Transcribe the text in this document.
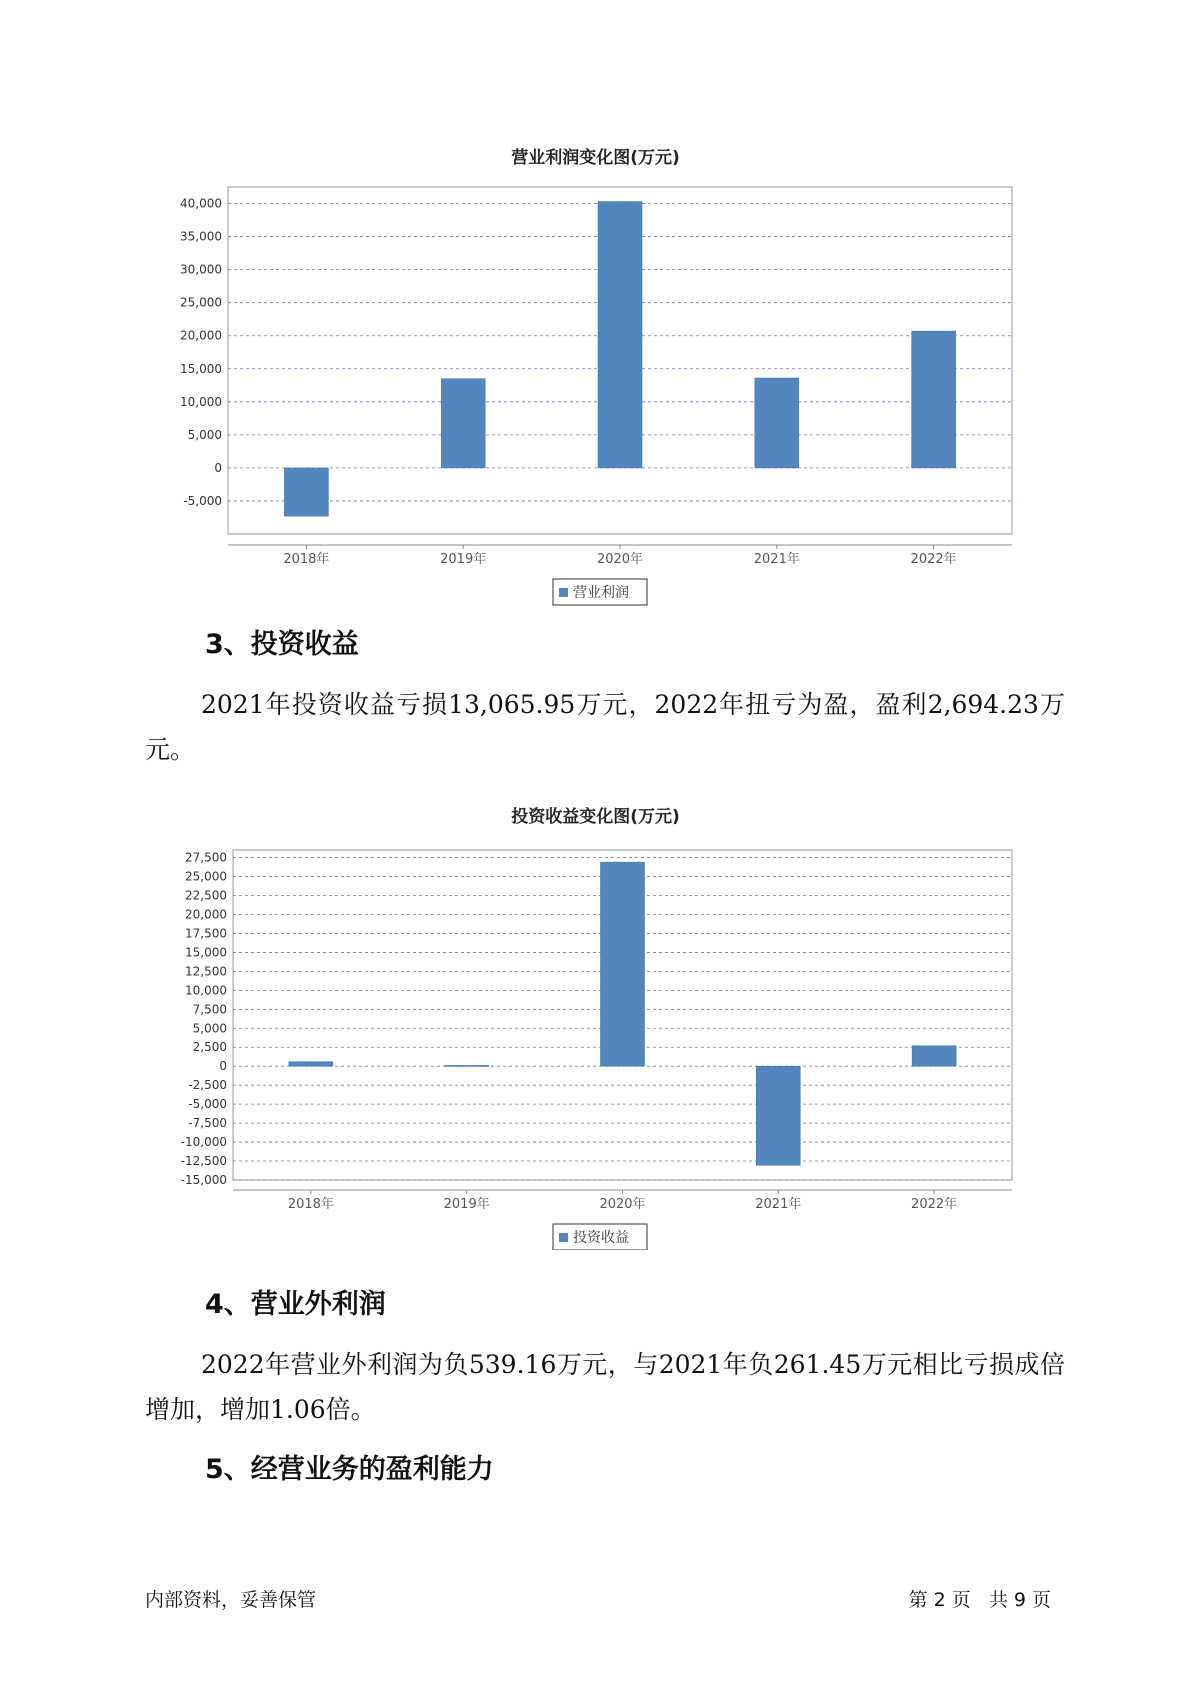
营业利润变化图(万元)
-5,000
0
5,000
10,000
15,000
20,000
25,000
30,000
35,000
40,000
2018年	2019年	2020年	2021年	2022年
营业利润
3、投资收益
2021年投资收益亏损13,065.95万元，2022年扭亏为盈，盈利2,694.23万元。
投资收益变化图(万元)
-15,000
-12,500
-10,000
-7,500
-5,000
-2,500
0
2,500
5,000
7,500
10,000
12,500
15,000
17,500
20,000
22,500
25,000
27,500
2018年	2019年	2020年	2021年	2022年
投资收益
4、营业外利润
2022年营业外利润为负539.16万元，与2021年负261.45万元相比亏损成倍增加，增加1.06倍。
5、经营业务的盈利能力
内部资料，妥善保管	第 2 页   共 9 页
